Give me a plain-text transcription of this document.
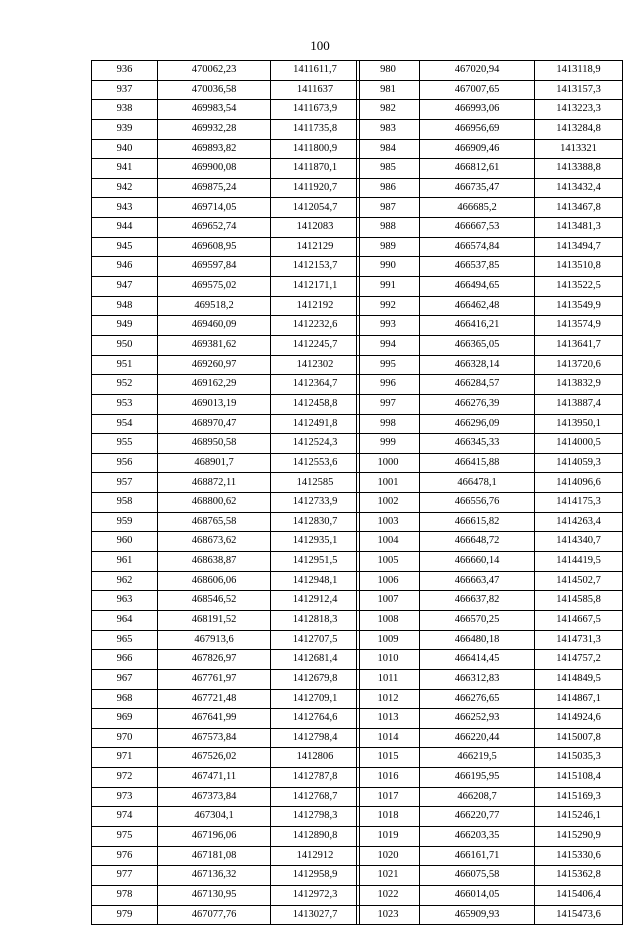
100
936	470062,23	1411611,7
937	470036,58	1411637
938	469983,54	1411673,9
939	469932,28	1411735,8
940	469893,82	1411800,9
941	469900,08	1411870,1
942	469875,24	1411920,7
943	469714,05	1412054,7
944	469652,74	1412083
945	469608,95	1412129
946	469597,84	1412153,7
947	469575,02	1412171,1
948	469518,2	1412192
949	469460,09	1412232,6
950	469381,62	1412245,7
951	469260,97	1412302
952	469162,29	1412364,7
953	469013,19	1412458,8
954	468970,47	1412491,8
955	468950,58	1412524,3
956	468901,7	1412553,6
957	468872,11	1412585
958	468800,62	1412733,9
959	468765,58	1412830,7
960	468673,62	1412935,1
961	468638,87	1412951,5
962	468606,06	1412948,1
963	468546,52	1412912,4
964	468191,52	1412818,3
965	467913,6	1412707,5
966	467826,97	1412681,4
967	467761,97	1412679,8
968	467721,48	1412709,1
969	467641,99	1412764,6
970	467573,84	1412798,4
971	467526,02	1412806
972	467471,11	1412787,8
973	467373,84	1412768,7
974	467304,1	1412798,3
975	467196,06	1412890,8
976	467181,08	1412912
977	467136,32	1412958,9
978	467130,95	1412972,3
979	467077,76	1413027,7
980	467020,94	1413118,9
981	467007,65	1413157,3
982	466993,06	1413223,3
983	466956,69	1413284,8
984	466909,46	1413321
985	466812,61	1413388,8
986	466735,47	1413432,4
987	466685,2	1413467,8
988	466667,53	1413481,3
989	466574,84	1413494,7
990	466537,85	1413510,8
991	466494,65	1413522,5
992	466462,48	1413549,9
993	466416,21	1413574,9
994	466365,05	1413641,7
995	466328,14	1413720,6
996	466284,57	1413832,9
997	466276,39	1413887,4
998	466296,09	1413950,1
999	466345,33	1414000,5
1000	466415,88	1414059,3
1001	466478,1	1414096,6
1002	466556,76	1414175,3
1003	466615,82	1414263,4
1004	466648,72	1414340,7
1005	466660,14	1414419,5
1006	466663,47	1414502,7
1007	466637,82	1414585,8
1008	466570,25	1414667,5
1009	466480,18	1414731,3
1010	466414,45	1414757,2
1011	466312,83	1414849,5
1012	466276,65	1414867,1
1013	466252,93	1414924,6
1014	466220,44	1415007,8
1015	466219,5	1415035,3
1016	466195,95	1415108,4
1017	466208,7	1415169,3
1018	466220,77	1415246,1
1019	466203,35	1415290,9
1020	466161,71	1415330,6
1021	466075,58	1415362,8
1022	466014,05	1415406,4
1023	465909,93	1415473,6
